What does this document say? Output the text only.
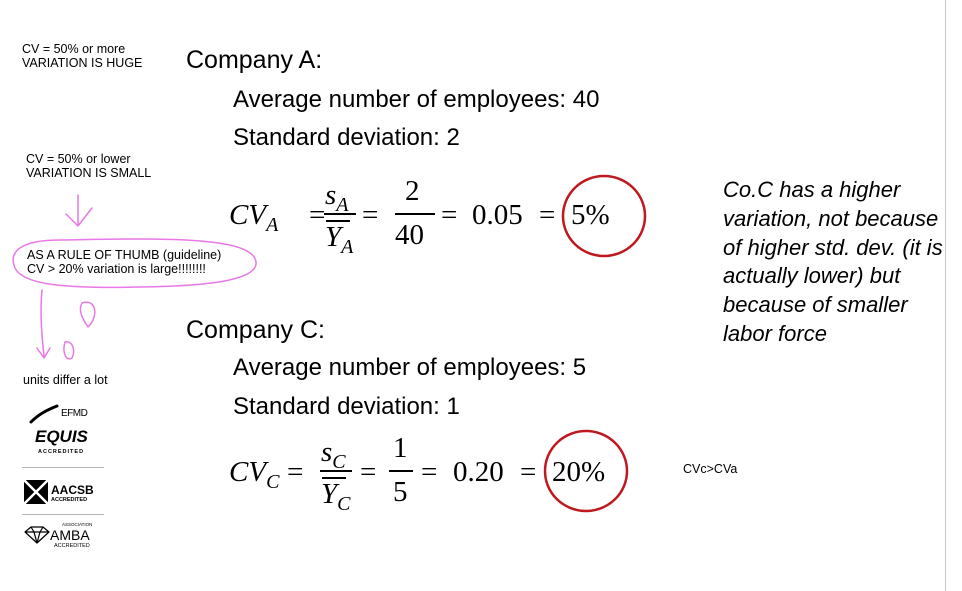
CV = 50% or more
VARIATION IS HUGE
CV = 50% or lower
VARIATION IS SMALL
AS A RULE OF THUMB (guideline)
CV > 20% variation is large!!!!!!!!
units differ a lot
Company A:
Average number of employees: 40
Standard deviation: 2
$CV_A$ =
$s_A$
$Y_A$
=
2
40
= 0.05 = 5%
Company C:
Average number of employees: 5
Standard deviation: 1
$CV_C$ =
$s_C$
$Y_C$
=
1
5
= 0.20 = 20%
Co.C has a higher variation, not because of higher std. dev. (it is actually lower) but because of smaller labor force
CVc>CVa
EFMD
EQUIS
ACCREDITED
AACSB
ACCREDITED
ASSOCIATION
AMBA
ACCREDITED
